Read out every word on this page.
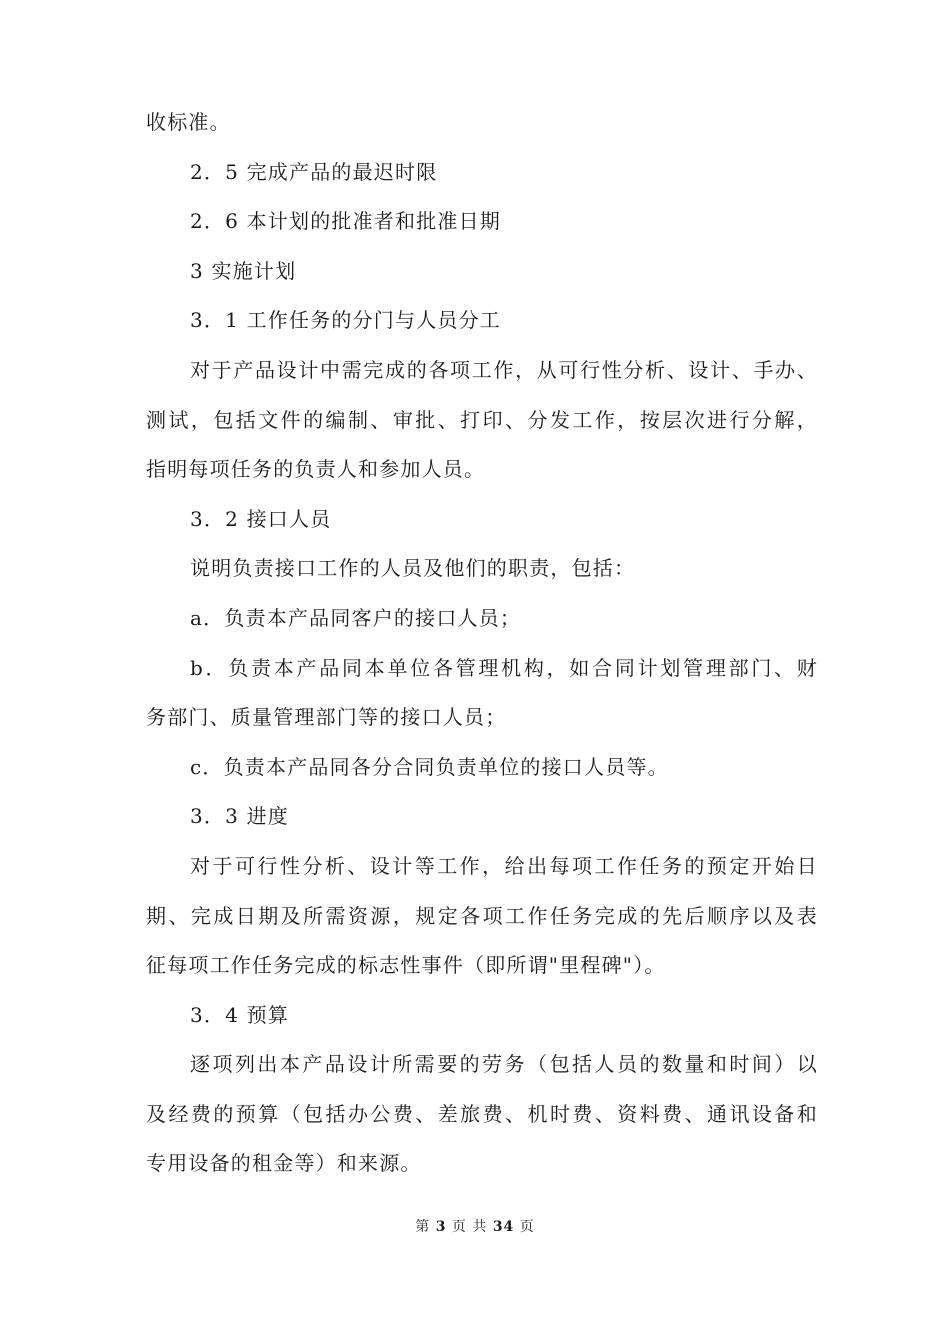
收标准。
2．5 完成产品的最迟时限
2．6 本计划的批准者和批准日期
3 实施计划
3．1 工作任务的分门与人员分工
对于产品设计中需完成的各项工作，从可行性分析、设计、手办、
测试，包括文件的编制、审批、打印、分发工作，按层次进行分解，
指明每项任务的负责人和参加人员。
3．2 接口人员
说明负责接口工作的人员及他们的职责，包括：
a．负责本产品同客户的接口人员；
b．负责本产品同本单位各管理机构，如合同计划管理部门、财
务部门、质量管理部门等的接口人员；
c．负责本产品同各分合同负责单位的接口人员等。
3．3 进度
对于可行性分析、设计等工作，给出每项工作任务的预定开始日
期、完成日期及所需资源，规定各项工作任务完成的先后顺序以及表
征每项工作任务完成的标志性事件（即所谓"里程碑"）。
3．4 预算
逐项列出本产品设计所需要的劳务（包括人员的数量和时间）以
及经费的预算（包括办公费、差旅费、机时费、资料费、通讯设备和
专用设备的租金等）和来源。
第 3 页 共 34 页
